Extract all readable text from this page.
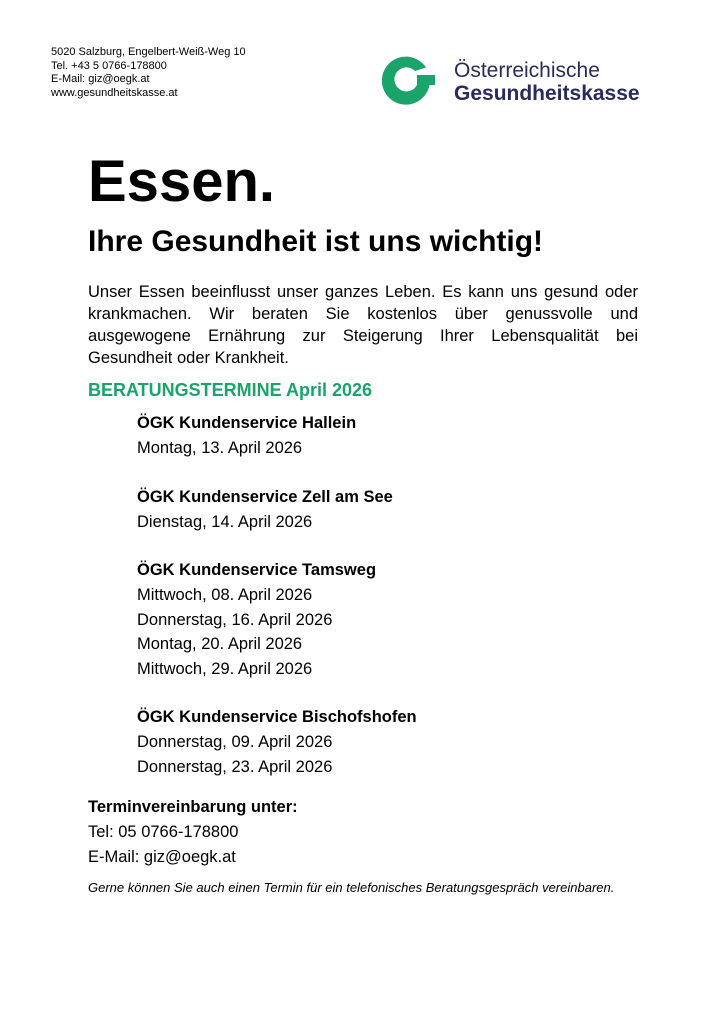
5020 Salzburg, Engelbert-Weiß-Weg 10
Tel. +43 5 0766-178800
E-Mail: giz@oegk.at
www.gesundheitskasse.at
Österreichische
Gesundheitskasse
Essen.
Ihre Gesundheit ist uns wichtig!
Unser Essen beeinflusst unser ganzes Leben. Es kann uns gesund oder krankmachen. Wir beraten Sie kostenlos über genussvolle und ausgewogene Ernährung zur Steigerung Ihrer Lebensqualität bei Gesundheit oder Krankheit.
BERATUNGSTERMINE April 2026
ÖGK Kundenservice Hallein
Montag, 13. April 2026
ÖGK Kundenservice Zell am See
Dienstag, 14. April 2026
ÖGK Kundenservice Tamsweg
Mittwoch, 08. April 2026
Donnerstag, 16. April 2026
Montag, 20. April 2026
Mittwoch, 29. April 2026
ÖGK Kundenservice Bischofshofen
Donnerstag, 09. April 2026
Donnerstag, 23. April 2026
Terminvereinbarung unter:
Tel: 05 0766-178800
E-Mail: giz@oegk.at
Gerne können Sie auch einen Termin für ein telefonisches Beratungsgespräch vereinbaren.
